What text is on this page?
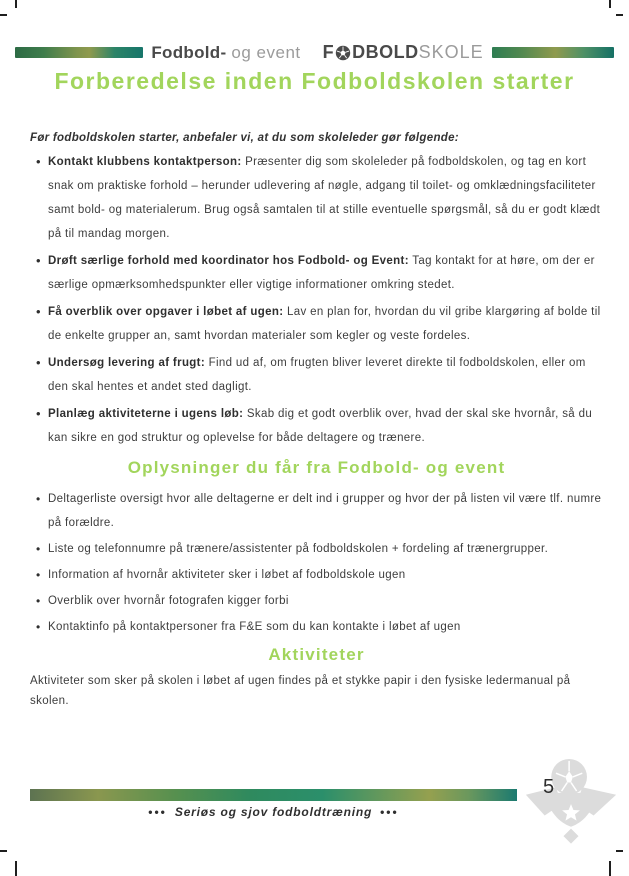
Fodbold- og event F DBOLD SKOLE
Forberedelse inden Fodboldskolen starter

Før fodboldskolen starter, anbefaler vi, at du som skoleleder gør følgende:

• Kontakt klubbens kontaktperson: Præsenter dig som skoleleder på fodboldskolen, og tag en kort snak om praktiske forhold – herunder udlevering af nøgle, adgang til toilet- og omklædningsfaciliteter samt bold- og materialerum. Brug også samtalen til at stille eventuelle spørgsmål, så du er godt klædt på til mandag morgen.
• Drøft særlige forhold med koordinator hos Fodbold- og Event: Tag kontakt for at høre, om der er særlige opmærksomhedspunkter eller vigtige informationer omkring stedet.
• Få overblik over opgaver i løbet af ugen: Lav en plan for, hvordan du vil gribe klargøring af bolde til de enkelte grupper an, samt hvordan materialer som kegler og veste fordeles.
• Undersøg levering af frugt: Find ud af, om frugten bliver leveret direkte til fodboldskolen, eller om den skal hentes et andet sted dagligt.
• Planlæg aktiviteterne i ugens løb: Skab dig et godt overblik over, hvad der skal ske hvornår, så du kan sikre en god struktur og oplevelse for både deltagere og trænere.
Oplysninger du får fra Fodbold- og event
• Deltagerliste oversigt hvor alle deltagerne er delt ind i grupper og hvor der på listen vil være tlf. numre på forældre.
• Liste og telefonnumre på trænere/assistenter på fodboldskolen + fordeling af trænergrupper.
• Information af hvornår aktiviteter sker i løbet af fodboldskole ugen
• Overblik over hvornår fotografen kigger forbi
• Kontaktinfo på kontaktpersoner fra F&E som du kan kontakte i løbet af ugen
Aktiviteter

Aktiviteter som sker på skolen i løbet af ugen findes på et stykke papir i den fysiske ledermanual på skolen.

5
••• Seriøs og sjov fodboldtræning •••
